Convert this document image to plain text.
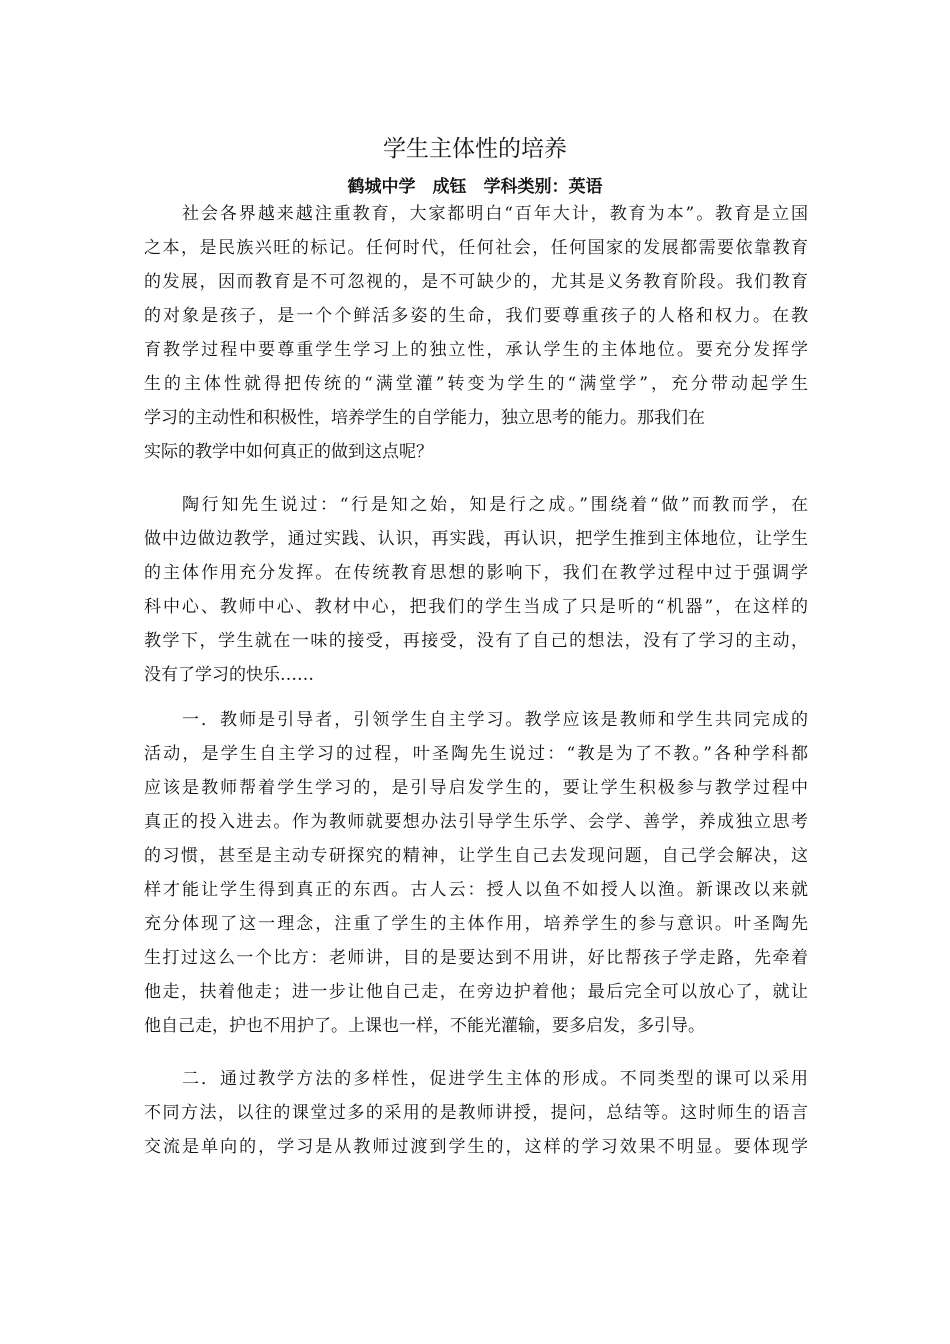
学生主体性的培养
鹤城中学　成钰　学科类别：英语
社会各界越来越注重教育，大家都明白“百年大计，教育为本”。教育是立国
之本，是民族兴旺的标记。任何时代，任何社会，任何国家的发展都需要依靠教育
的发展，因而教育是不可忽视的，是不可缺少的，尤其是义务教育阶段。我们教育
的对象是孩子，是一个个鲜活多姿的生命，我们要尊重孩子的人格和权力。在教
育教学过程中要尊重学生学习上的独立性，承认学生的主体地位。要充分发挥学
生的主体性就得把传统的“满堂灌”转变为学生的“满堂学”，充分带动起学生
学习的主动性和积极性，培养学生的自学能力，独立思考的能力。那我们在
实际的教学中如何真正的做到这点呢？
陶行知先生说过：“行是知之始，知是行之成。”围绕着“做”而教而学，在
做中边做边教学，通过实践、认识，再实践，再认识，把学生推到主体地位，让学生
的主体作用充分发挥。在传统教育思想的影响下，我们在教学过程中过于强调学
科中心、教师中心、教材中心，把我们的学生当成了只是听的“机器”，在这样的
教学下，学生就在一味的接受，再接受，没有了自己的想法，没有了学习的主动，
没有了学习的快乐……
一．教师是引导者，引领学生自主学习。教学应该是教师和学生共同完成的
活动，是学生自主学习的过程，叶圣陶先生说过：“教是为了不教。”各种学科都
应该是教师帮着学生学习的，是引导启发学生的，要让学生积极参与教学过程中
真正的投入进去。作为教师就要想办法引导学生乐学、会学、善学，养成独立思考
的习惯，甚至是主动专研探究的精神，让学生自己去发现问题，自己学会解决，这
样才能让学生得到真正的东西。古人云：授人以鱼不如授人以渔。新课改以来就
充分体现了这一理念，注重了学生的主体作用，培养学生的参与意识。叶圣陶先
生打过这么一个比方：老师讲，目的是要达到不用讲，好比帮孩子学走路，先牵着
他走，扶着他走；进一步让他自己走，在旁边护着他；最后完全可以放心了，就让
他自己走，护也不用护了。上课也一样，不能光灌输，要多启发，多引导。
二．通过教学方法的多样性，促进学生主体的形成。不同类型的课可以采用
不同方法，以往的课堂过多的采用的是教师讲授，提问，总结等。这时师生的语言
交流是单向的，学习是从教师过渡到学生的，这样的学习效果不明显。要体现学
